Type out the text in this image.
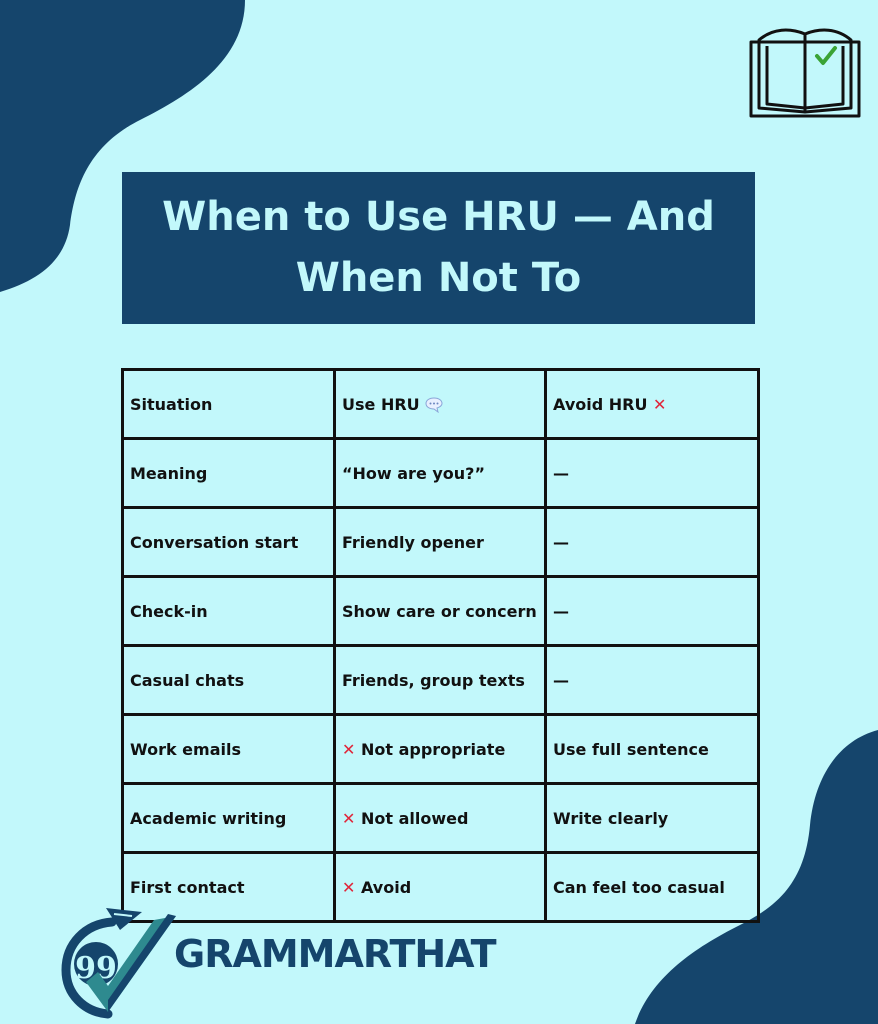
When to Use HRU — And When Not To
Situation	Use HRU	Avoid HRU ✕
Meaning	“How are you?”	—
Conversation start	Friendly opener	—
Check-in	Show care or concern	—
Casual chats	Friends, group texts	—
Work emails	✕ Not appropriate	Use full sentence
Academic writing	✕ Not allowed	Write clearly
First contact	✕ Avoid	Can feel too casual
99 GRAMMARTHAT
